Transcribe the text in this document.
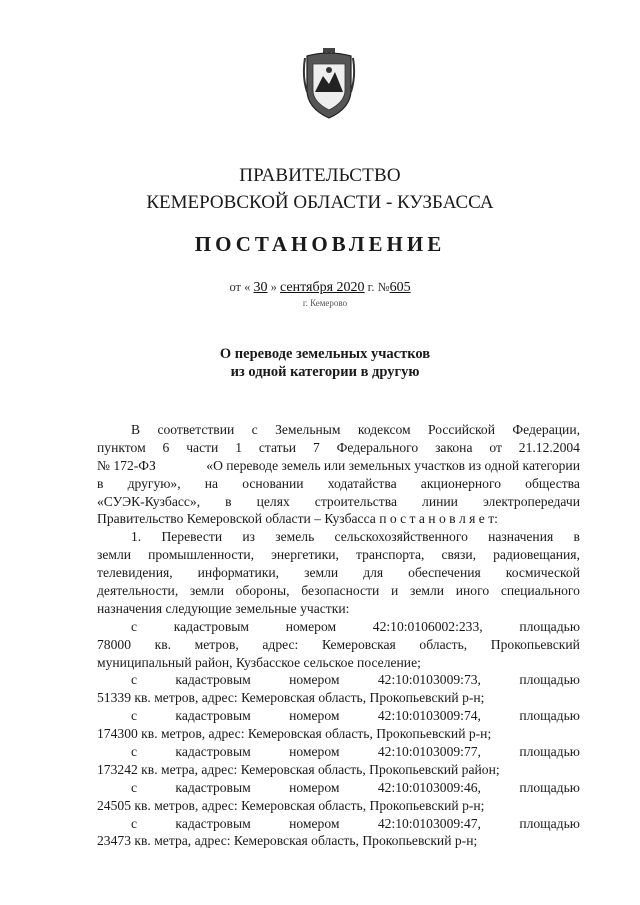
ПРАВИТЕЛЬСТВО
КЕМЕРОВСКОЙ ОБЛАСТИ - КУЗБАССА
ПОСТАНОВЛЕНИЕ
от « 30 » сентября 2020 г. №605
г. Кемерово
О переводе земельных участков
из одной категории в другую
В соответствии с Земельным кодексом Российской Федерации,
пунктом 6 части 1 статьи 7 Федерального закона от 21.12.2004
№ 172-ФЗ	«О переводе земель или земельных участков из одной категории
в другую», на основании ходатайства акционерного общества
«СУЭК-Кузбасс», в целях строительства линии электропередачи
Правительство Кемеровской области – Кузбасса п о с т а н о в л я е т:
1. Перевести из земель сельскохозяйственного назначения в
земли промышленности, энергетики, транспорта, связи, радиовещания,
телевидения, информатики, земли для обеспечения космической
деятельности, земли обороны, безопасности и земли иного специального
назначения следующие земельные участки:
с	кадастровым	номером	42:10:0106002:233,	площадью
78000 кв. метров, адрес: Кемеровская область, Прокопьевский
муниципальный район, Кузбасское сельское поселение;
с	кадастровым	номером	42:10:0103009:73,	площадью
51339 кв. метров, адрес: Кемеровская область, Прокопьевский р-н;
с	кадастровым	номером	42:10:0103009:74,	площадью
174300 кв. метров, адрес: Кемеровская область, Прокопьевский р-н;
с	кадастровым	номером	42:10:0103009:77,	площадью
173242 кв. метра, адрес: Кемеровская область, Прокопьевский район;
с	кадастровым	номером	42:10:0103009:46,	площадью
24505 кв. метров, адрес: Кемеровская область, Прокопьевский р-н;
с	кадастровым	номером	42:10:0103009:47,	площадью
23473 кв. метра, адрес: Кемеровская область, Прокопьевский р-н;
